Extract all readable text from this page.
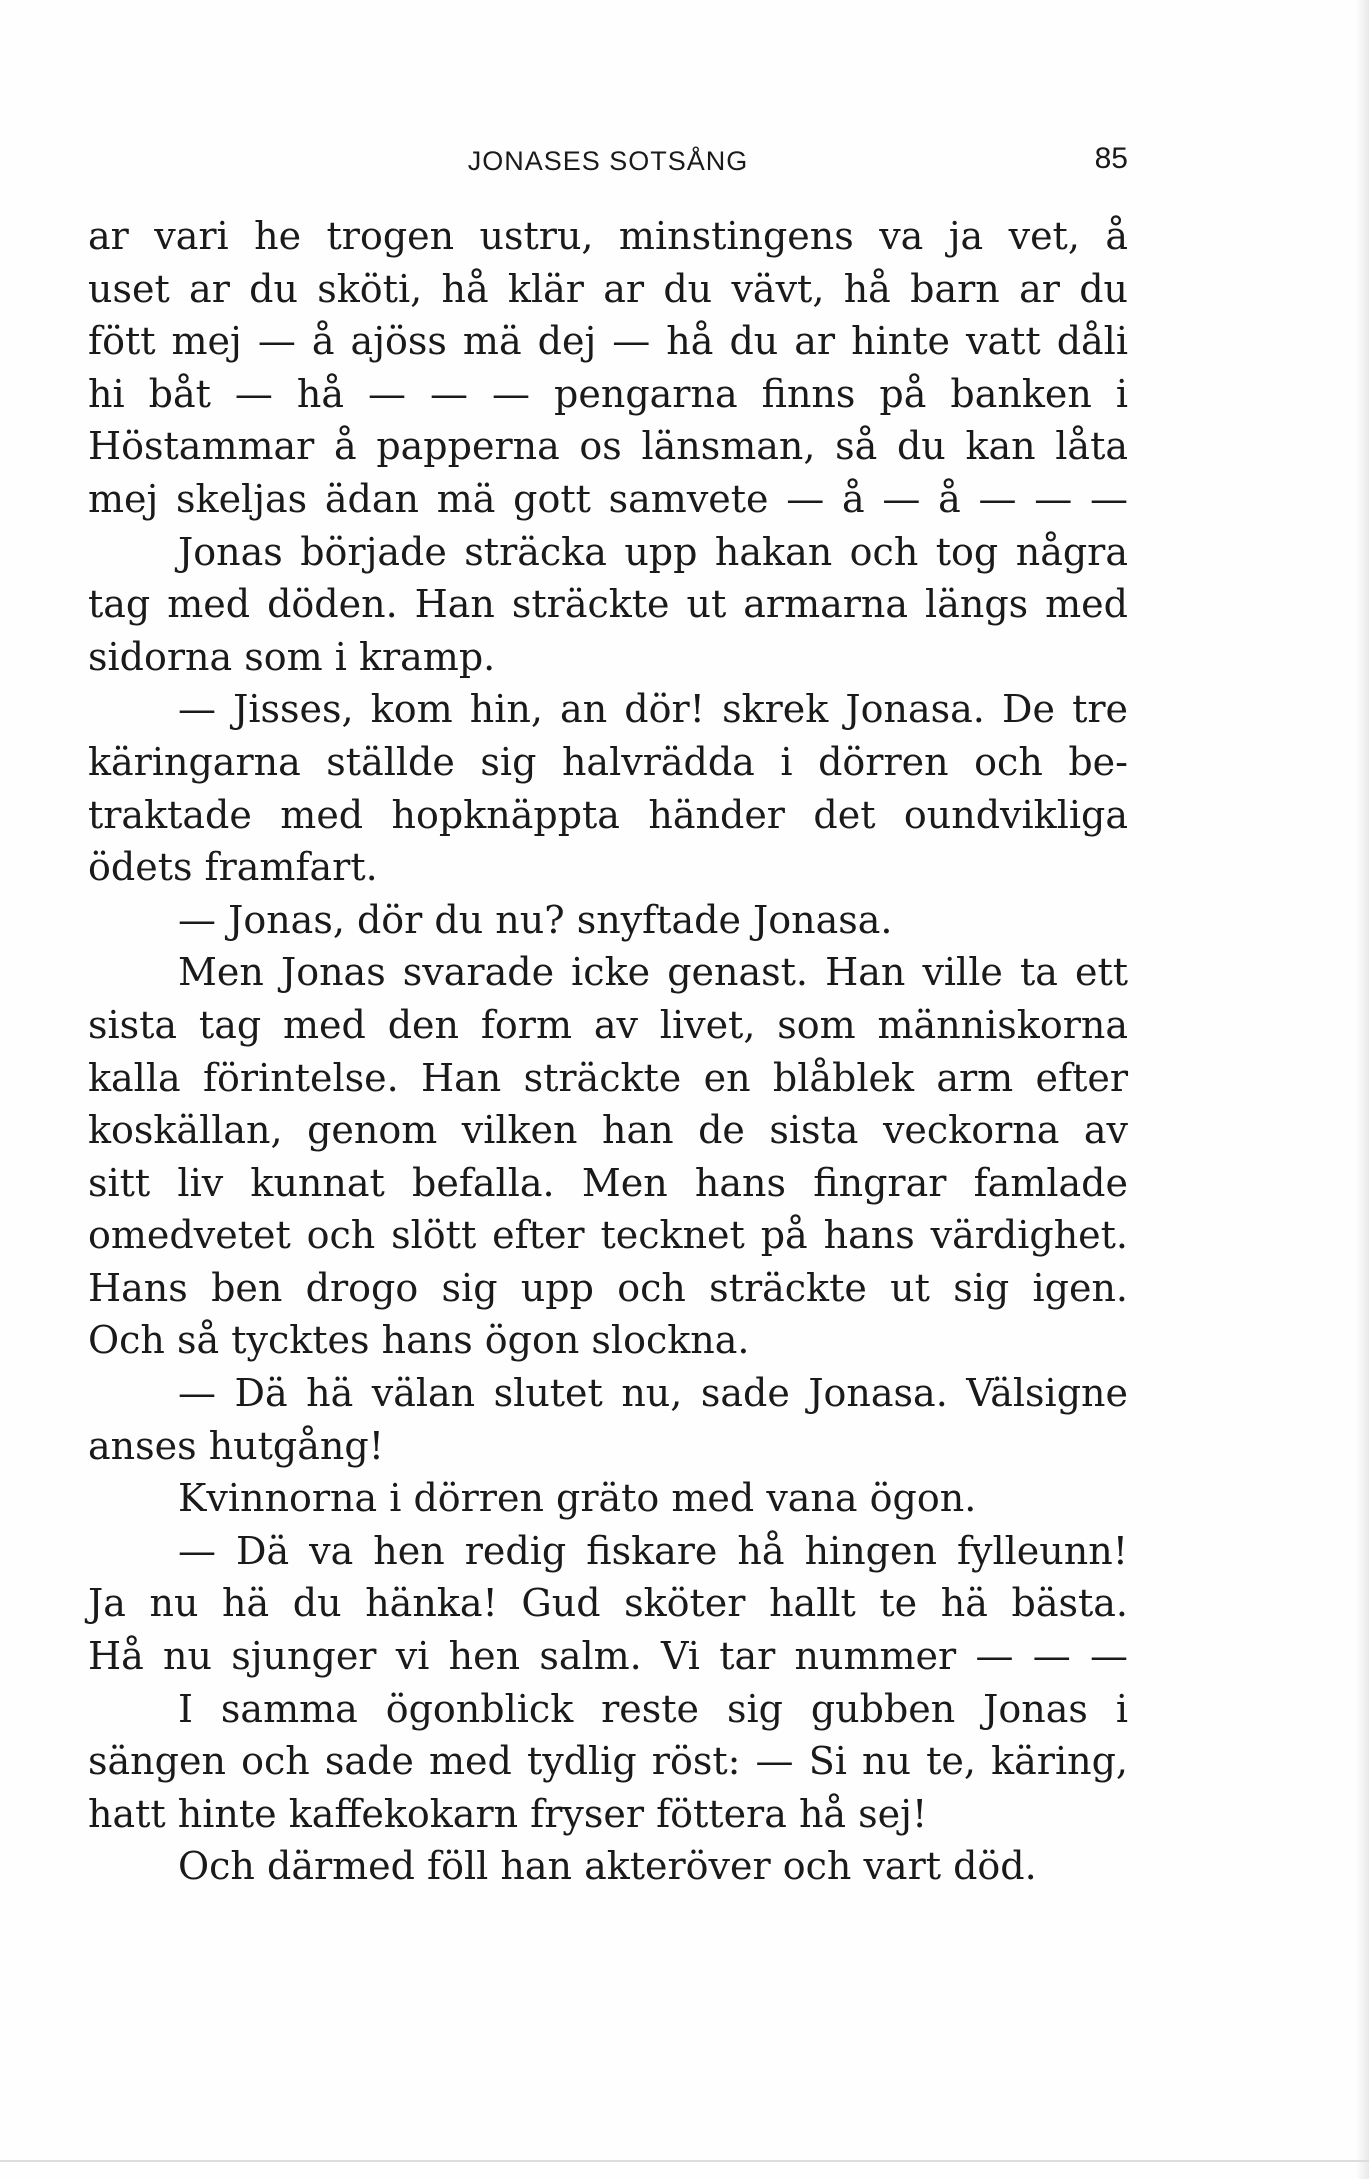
JONASES SOTSÅNG	85
ar vari he trogen ustru, minstingens va ja vet, å
uset ar du sköti, hå klär ar du vävt, hå barn ar du
fött mej — å ajöss mä dej — hå du ar hinte vatt dåli
hi båt — hå — — — pengarna finns på banken i
Höstammar å papperna os länsman, så du kan låta
mej skeljas ädan mä gott samvete — å — å — — —
Jonas började sträcka upp hakan och tog några
tag med döden. Han sträckte ut armarna längs med
sidorna som i kramp.
— Jisses, kom hin, an dör! skrek Jonasa. De tre
käringarna ställde sig halvrädda i dörren och be-
traktade med hopknäppta händer det oundvikliga
ödets framfart.
— Jonas, dör du nu? snyftade Jonasa.
Men Jonas svarade icke genast. Han ville ta ett
sista tag med den form av livet, som människorna
kalla förintelse. Han sträckte en blåblek arm efter
koskällan, genom vilken han de sista veckorna av
sitt liv kunnat befalla. Men hans fingrar famlade
omedvetet och slött efter tecknet på hans värdighet.
Hans ben drogo sig upp och sträckte ut sig igen.
Och så tycktes hans ögon slockna.
— Dä hä välan slutet nu, sade Jonasa. Välsigne
anses hutgång!
Kvinnorna i dörren gräto med vana ögon.
— Dä va hen redig fiskare hå hingen fylleunn!
Ja nu hä du hänka! Gud sköter hallt te hä bästa.
Hå nu sjunger vi hen salm. Vi tar nummer — — —
I samma ögonblick reste sig gubben Jonas i
sängen och sade med tydlig röst: — Si nu te, käring,
hatt hinte kaffekokarn fryser föttera hå sej!
Och därmed föll han akteröver och vart död.
